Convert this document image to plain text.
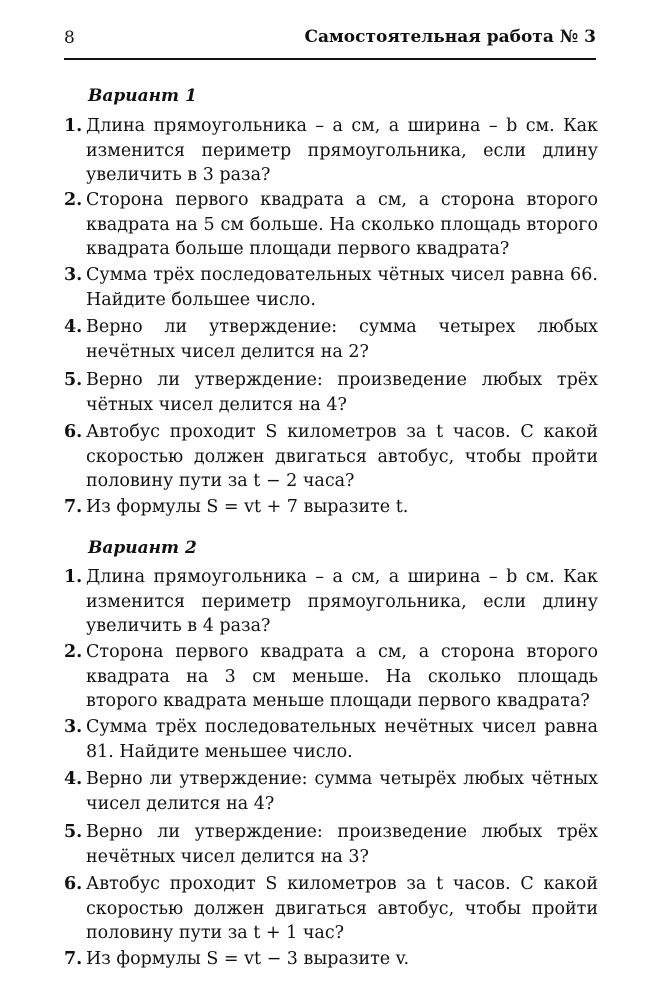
8	Самостоятельная работа № 3
Вариант 1
1. Длина прямоугольника – a см, а ширина – b см. Как изменится периметр прямоугольника, если длину увеличить в 3 раза?

2. Сторона первого квадрата a см, а сторона второго квадрата на 5 см больше. На сколько площадь второго квадрата больше площади первого квадрата?

3. Сумма трёх последовательных чётных чисел равна 66. Найдите большее число.

4. Верно ли утверждение: сумма четырех любых нечётных чисел делится на 2?

5. Верно ли утверждение: произведение любых трёх чётных чисел делится на 4?

6. Автобус проходит S километров за t часов. С какой скоростью должен двигаться автобус, чтобы пройти половину пути за t − 2 часа?

7. Из формулы S = vt + 7 выразите t.

Вариант 2
1. Длина прямоугольника – a см, а ширина – b см. Как изменится периметр прямоугольника, если длину увеличить в 4 раза?

2. Сторона первого квадрата a см, а сторона второго квадрата на 3 см меньше. На сколько площадь второго квадрата меньше площади первого квадрата?

3. Сумма трёх последовательных нечётных чисел равна 81. Найдите меньшее число.

4. Верно ли утверждение: сумма четырёх любых чётных чисел делится на 4?

5. Верно ли утверждение: произведение любых трёх нечётных чисел делится на 3?

6. Автобус проходит S километров за t часов. С какой скоростью должен двигаться автобус, чтобы пройти половину пути за t + 1 час?

7. Из формулы S = vt − 3 выразите v.
